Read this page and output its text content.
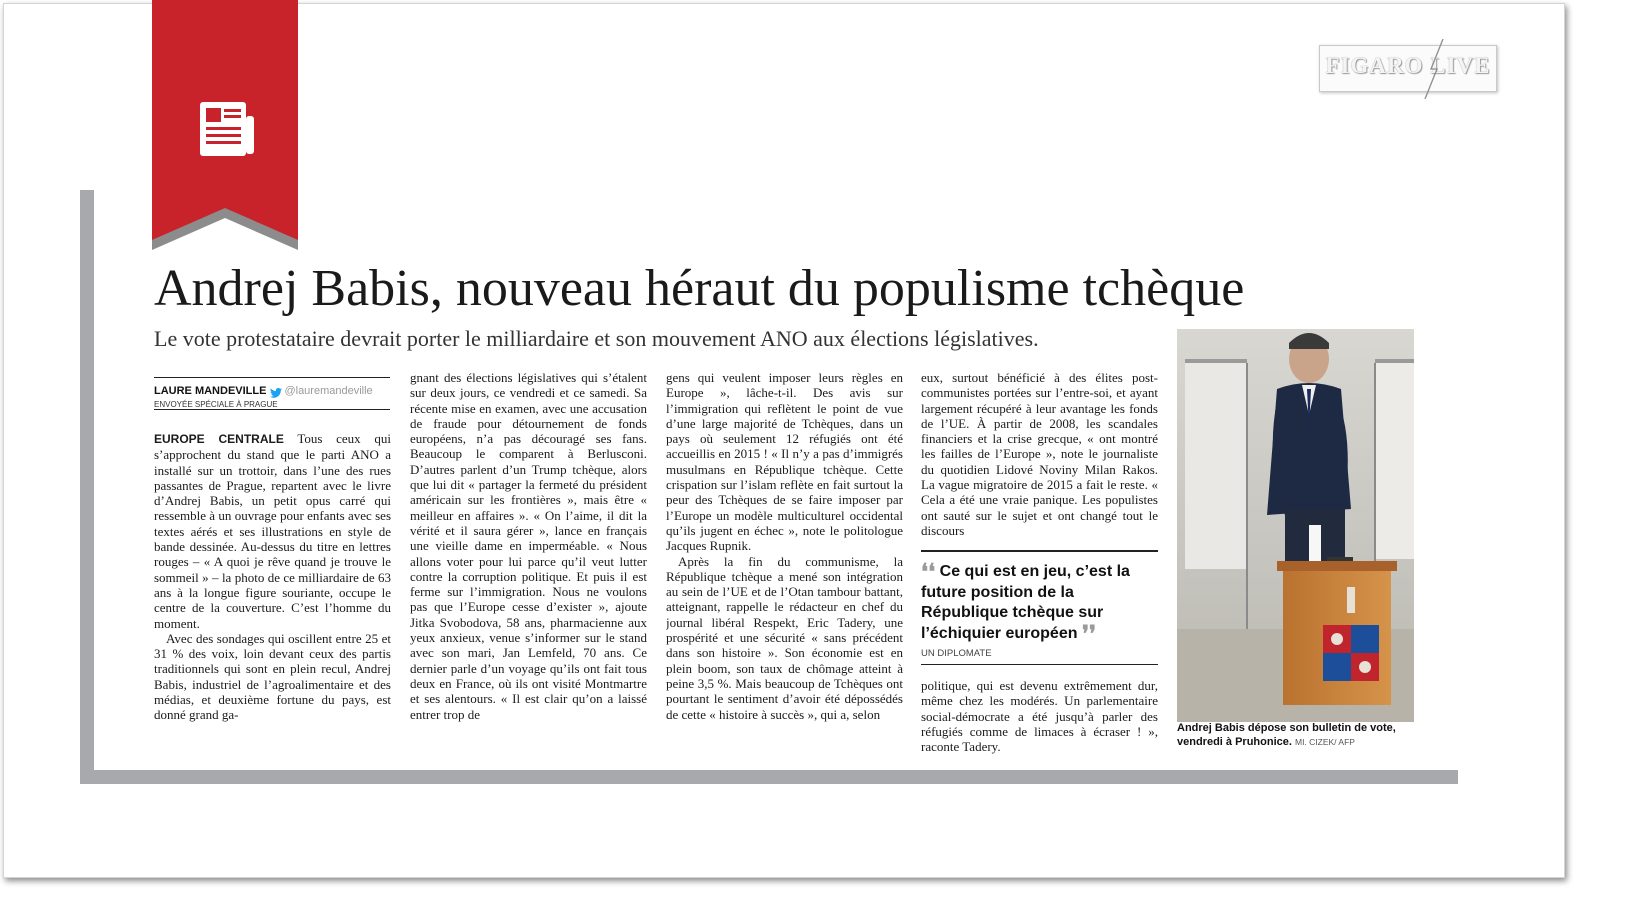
FIGARO LIVE
Andrej Babis, nouveau héraut du populisme tchèque
Le vote protestataire devrait porter le milliardaire et son mouvement ANO aux élections législatives.
LAURE MANDEVILLE @lauremandeville
ENVOYÉE SPÉCIALE À PRAGUE

EUROPE CENTRALE Tous ceux qui s’approchent du stand que le parti ANO a installé sur un trottoir, dans l’une des rues passantes de Prague, repartent avec le livre d’Andrej Babis, un petit opus carré qui ressemble à un ouvrage pour enfants avec ses textes aérés et ses illustrations en style de bande dessinée. Au-dessus du titre en lettres rouges – « A quoi je rêve quand je trouve le sommeil » – la photo de ce milliardaire de 63 ans à la longue figure souriante, occupe le centre de la couverture. C’est l’homme du moment.

Avec des sondages qui oscillent entre 25 et 31 % des voix, loin devant ceux des partis traditionnels qui sont en plein recul, Andrej Babis, industriel de l’agroalimentaire et des médias, et deuxième fortune du pays, est donné grand ga-

gnant des élections législatives qui s’étalent sur deux jours, ce vendredi et ce samedi. Sa récente mise en examen, avec une accusation de fraude pour détournement de fonds européens, n’a pas découragé ses fans. Beaucoup le comparent à Berlusconi. D’autres parlent d’un Trump tchèque, alors que lui dit « partager la fermeté du président américain sur les frontières », mais être « meilleur en affaires ». « On l’aime, il dit la vérité et il saura gérer », lance en français une vieille dame en imperméable. « Nous allons voter pour lui parce qu’il veut lutter contre la corruption politique. Et puis il est ferme sur l’immigration. Nous ne voulons pas que l’Europe cesse d’exister », ajoute Jitka Svobodova, 58 ans, pharmacienne aux yeux anxieux, venue s’informer sur le stand avec son mari, Jan Lemfeld, 70 ans. Ce dernier parle d’un voyage qu’ils ont fait tous deux en France, où ils ont visité Montmartre et ses alentours. « Il est clair qu’on a laissé entrer trop de

gens qui veulent imposer leurs règles en Europe », lâche-t-il. Des avis sur l’immigration qui reflètent le point de vue d’une large majorité de Tchèques, dans un pays où seulement 12 réfugiés ont été accueillis en 2015 ! « Il n’y a pas d’immigrés musulmans en République tchèque. Cette crispation sur l’islam reflète en fait surtout la peur des Tchèques de se faire imposer par l’Europe un modèle multiculturel occidental qu’ils jugent en échec », note le politologue Jacques Rupnik.

Après la fin du communisme, la République tchèque a mené son intégration au sein de l’UE et de l’Otan tambour battant, atteignant, rappelle le rédacteur en chef du journal libéral Respekt, Eric Tadery, une prospérité et une sécurité « sans précédent dans son histoire ». Son économie est en plein boom, son taux de chômage atteint à peine 3,5 %. Mais beaucoup de Tchèques ont pourtant le sentiment d’avoir été dépossédés de cette « histoire à succès », qui a, selon

eux, surtout bénéficié à des élites post-communistes portées sur l’entre-soi, et ayant largement récupéré à leur avantage les fonds de l’UE. À partir de 2008, les scandales financiers et la crise grecque, « ont montré les failles de l’Europe », note le journaliste du quotidien Lidové Noviny Milan Rakos. La vague migratoire de 2015 a fait le reste. « Cela a été une vraie panique. Les populistes ont sauté sur le sujet et ont changé tout le discours

❛❛ Ce qui est en jeu, c’est la future position de la République tchèque sur l’échiquier européen ❜❜
UN DIPLOMATE

politique, qui est devenu extrêmement dur, même chez les modérés. Un parlementaire social-démocrate a été jusqu’à parler des réfugiés comme de limaces à écraser ! », raconte Tadery.

Andrej Babis dépose son bulletin de vote, vendredi à Pruhonice. MI. CIZEK/ AFP
